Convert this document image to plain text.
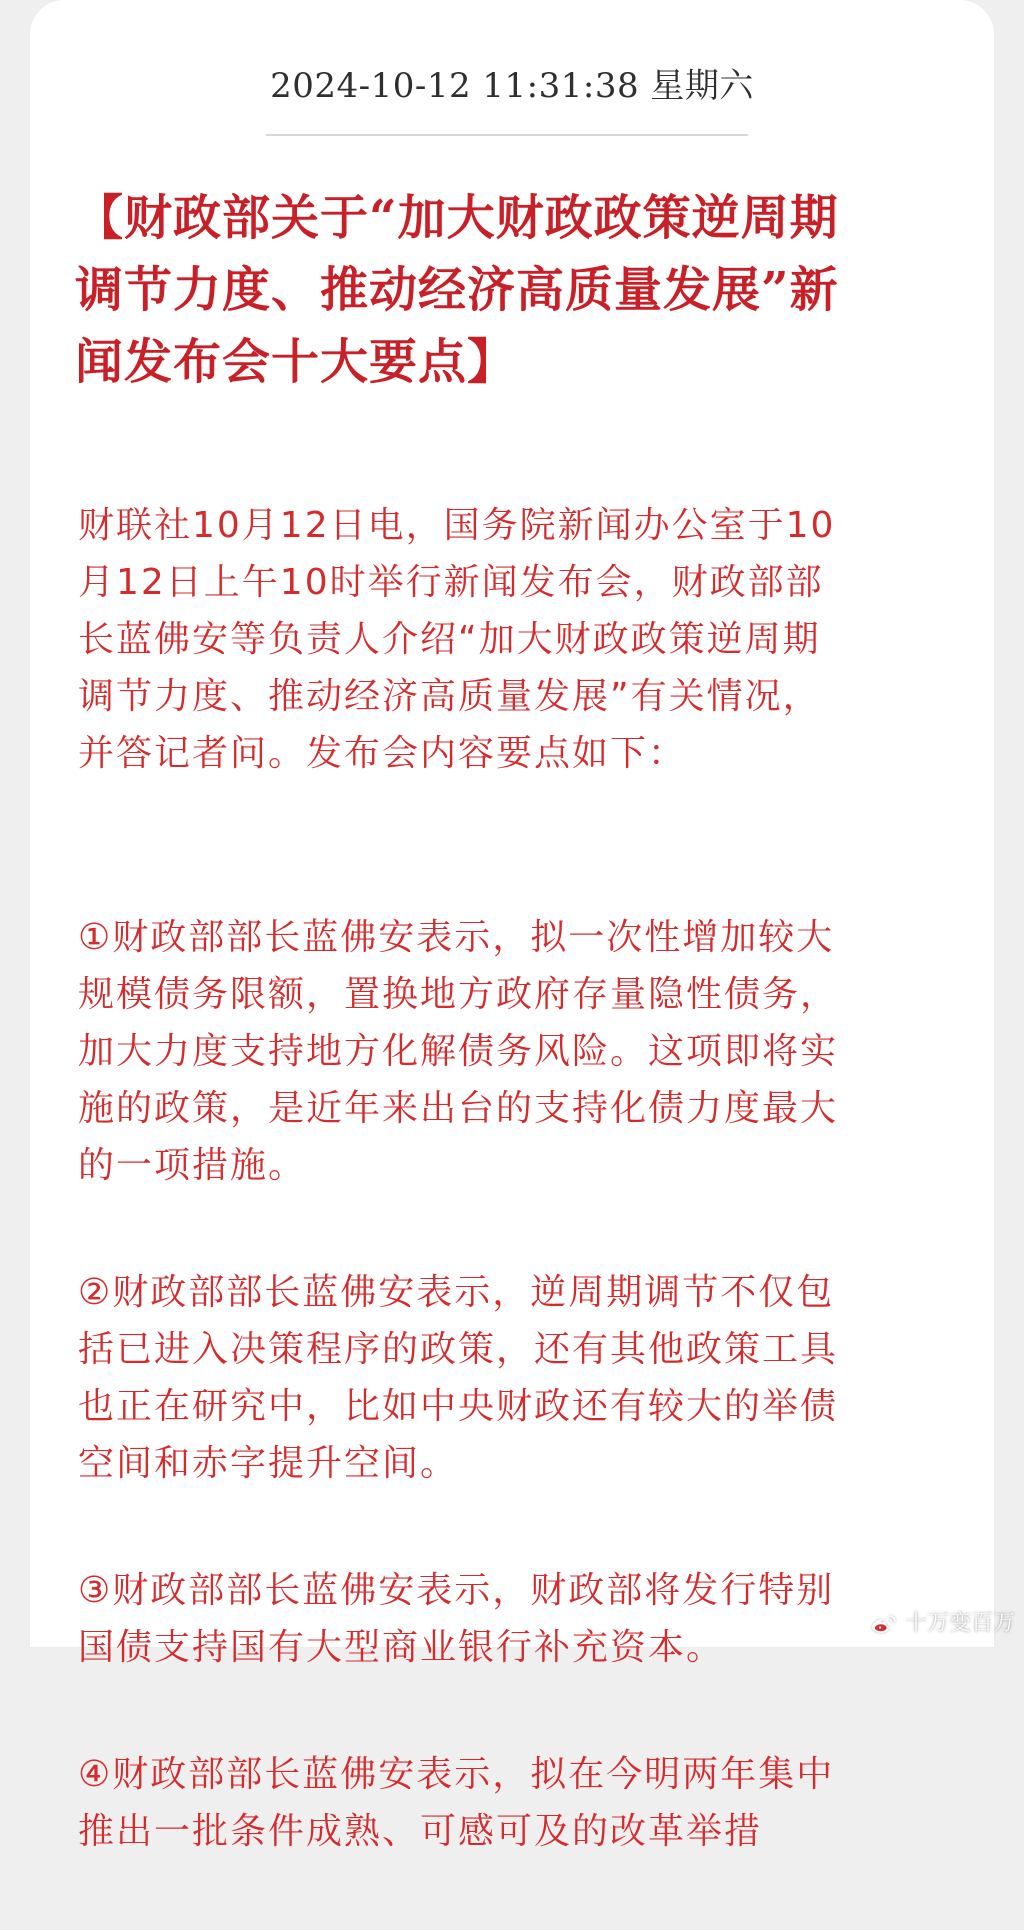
2024-10-12 11:31:38 星期六
【财政部关于“加大财政政策逆周期
调节力度、推动经济高质量发展”新
闻发布会十大要点】

财联社10月12日电，国务院新闻办公室于10
月12日上午10时举行新闻发布会，财政部部
长蓝佛安等负责人介绍“加大财政政策逆周期
调节力度、推动经济高质量发展”有关情况，
并答记者问。发布会内容要点如下：

①财政部部长蓝佛安表示，拟一次性增加较大
规模债务限额，置换地方政府存量隐性债务，
加大力度支持地方化解债务风险。这项即将实
施的政策，是近年来出台的支持化债力度最大
的一项措施。

②财政部部长蓝佛安表示，逆周期调节不仅包
括已进入决策程序的政策，还有其他政策工具
也正在研究中，比如中央财政还有较大的举债
空间和赤字提升空间。

③财政部部长蓝佛安表示，财政部将发行特别
国债支持国有大型商业银行补充资本。

④财政部部长蓝佛安表示，拟在今明两年集中
推出一批条件成熟、可感可及的改革举措

十万变百万
